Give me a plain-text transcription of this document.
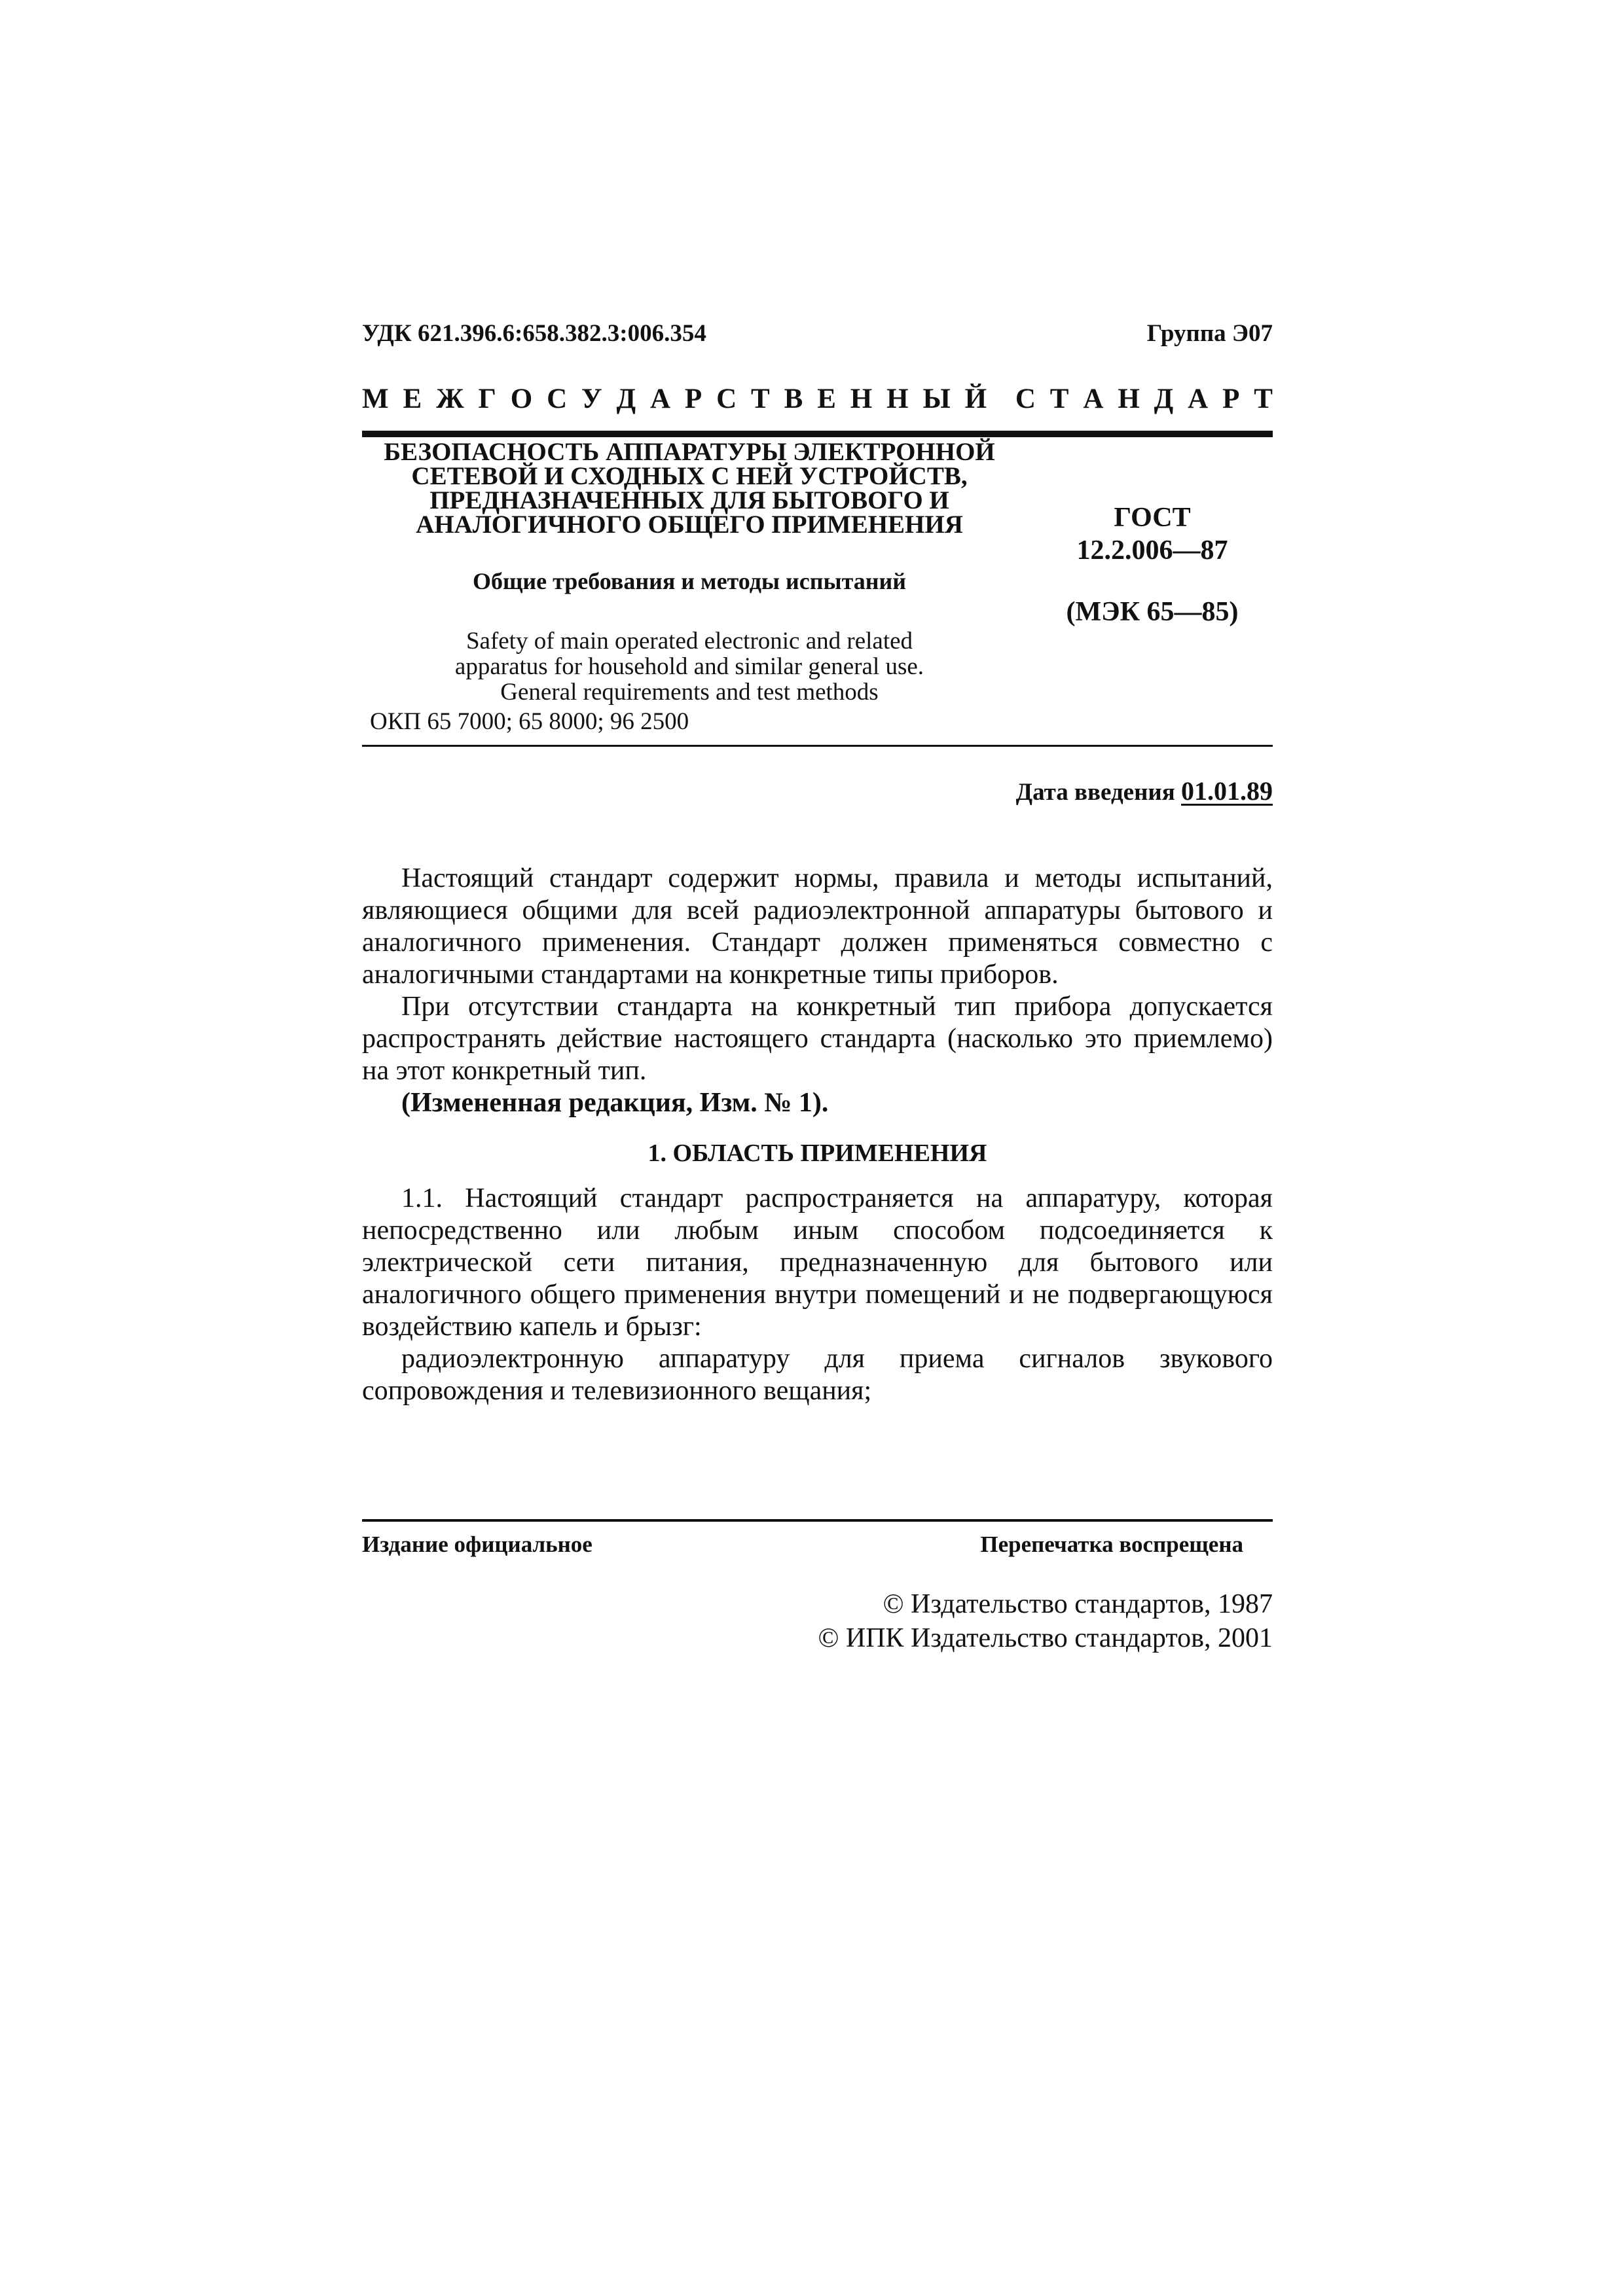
УДК 621.396.6:658.382.3:006.354	Группа Э07
М Е Ж Г О С У Д А Р С Т В Е Н Н Ы Й С Т А Н Д А Р Т
БЕЗОПАСНОСТЬ АППАРАТУРЫ ЭЛЕКТРОННОЙ
СЕТЕВОЙ И СХОДНЫХ С НЕЙ УСТРОЙСТВ,
ПРЕДНАЗНАЧЕННЫХ ДЛЯ БЫТОВОГО И
АНАЛОГИЧНОГО ОБЩЕГО ПРИМЕНЕНИЯ
Общие требования и методы испытаний
Safety of main operated electronic and related
apparatus for household and similar general use.
General requirements and test methods
ОКП 65 7000; 65 8000; 96 2500
ГОСТ
12.2.006—87
(МЭК 65—85)
Дата введения 01.01.89

Настоящий стандарт содержит нормы, правила и методы испытаний, являющиеся общими для всей радиоэлектронной аппаратуры бытового и аналогичного применения. Стандарт должен применяться совместно с аналогичными стандартами на конкретные типы приборов.

При отсутствии стандарта на конкретный тип прибора допускается распространять действие настоящего стандарта (насколько это приемлемо) на этот конкретный тип.

(Измененная редакция, Изм. № 1).

1. ОБЛАСТЬ ПРИМЕНЕНИЯ

1.1. Настоящий стандарт распространяется на аппаратуру, которая непосредственно или любым иным способом подсоединяется к электрической сети питания, предназначенную для бытового или аналогичного общего применения внутри помещений и не подвергающуюся воздействию капель и брызг:

радиоэлектронную аппаратуру для приема сигналов звукового сопровождения и телевизионного вещания;

Издание официальное	Перепечатка воспрещена
© Издательство стандартов, 1987
© ИПК Издательство стандартов, 2001
